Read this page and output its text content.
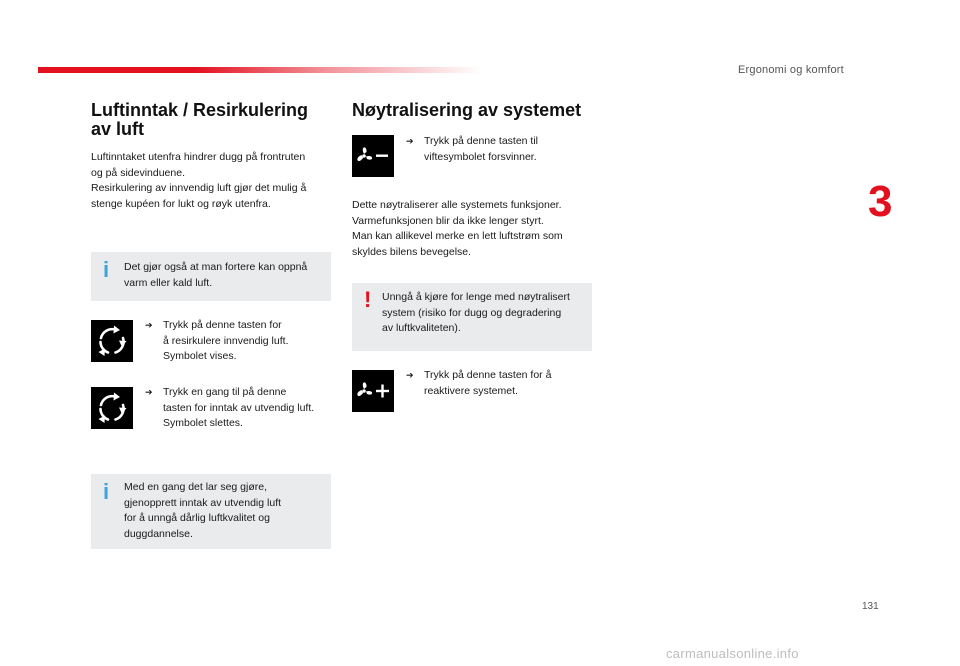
Ergonomi og komfort
3
Luftinntak / Resirkulering
av luft
Luftinntaket utenfra hindrer dugg på frontruten
og på sidevinduene.
Resirkulering av innvendig luft gjør det mulig å
stenge kupéen for lukt og røyk utenfra.
i Det gjør også at man fortere kan oppnå
varm eller kald luft.
➔ Trykk på denne tasten for
å resirkulere innvendig luft.
Symbolet vises.
➔ Trykk en gang til på denne
tasten for inntak av utvendig luft.
Symbolet slettes.
i Med en gang det lar seg gjøre,
gjenopprett inntak av utvendig luft
for å unngå dårlig luftkvalitet og
duggdannelse.
Nøytralisering av systemet
➔ Trykk på denne tasten til
viftesymbolet forsvinner.
Dette nøytraliserer alle systemets funksjoner.
Varmefunksjonen blir da ikke lenger styrt.
Man kan allikevel merke en lett luftstrøm som
skyldes bilens bevegelse.
! Unngå å kjøre for lenge med nøytralisert
system (risiko for dugg og degradering
av luftkvaliteten).
➔ Trykk på denne tasten for å
reaktivere systemet.
131
carmanualsonline.info
